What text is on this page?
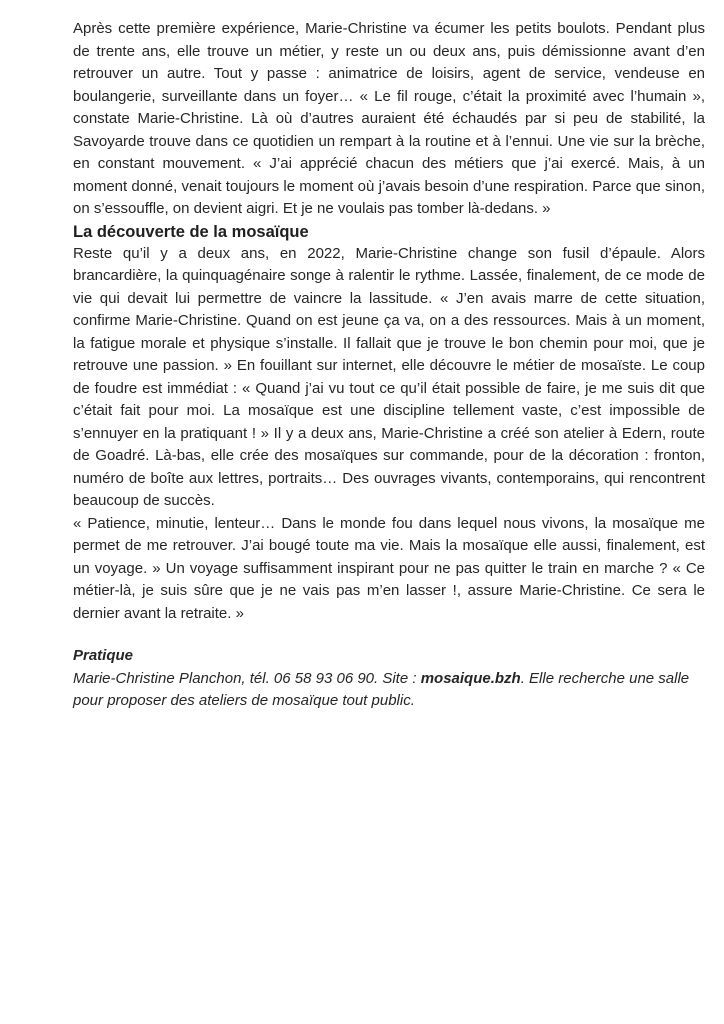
Après cette première expérience, Marie-Christine va écumer les petits boulots. Pendant plus de trente ans, elle trouve un métier, y reste un ou deux ans, puis démissionne avant d’en retrouver un autre. Tout y passe : animatrice de loisirs, agent de service, vendeuse en boulangerie, surveillante dans un foyer… « Le fil rouge, c’était la proximité avec l’humain », constate Marie-Christine. Là où d’autres auraient été échaudés par si peu de stabilité, la Savoyarde trouve dans ce quotidien un rempart à la routine et à l’ennui. Une vie sur la brèche, en constant mouvement. « J’ai apprécié chacun des métiers que j’ai exercé. Mais, à un moment donné, venait toujours le moment où j’avais besoin d’une respiration. Parce que sinon, on s’essouffle, on devient aigri. Et je ne voulais pas tomber là-dedans. »

La découverte de la mosaïque

Reste qu’il y a deux ans, en 2022, Marie-Christine change son fusil d’épaule. Alors brancardière, la quinquagénaire songe à ralentir le rythme. Lassée, finalement, de ce mode de vie qui devait lui permettre de vaincre la lassitude. « J’en avais marre de cette situation, confirme Marie-Christine. Quand on est jeune ça va, on a des ressources. Mais à un moment, la fatigue morale et physique s’installe. Il fallait que je trouve le bon chemin pour moi, que je retrouve une passion. » En fouillant sur internet, elle découvre le métier de mosaïste. Le coup de foudre est immédiat : « Quand j’ai vu tout ce qu’il était possible de faire, je me suis dit que c’était fait pour moi. La mosaïque est une discipline tellement vaste, c’est impossible de s’ennuyer en la pratiquant ! » Il y a deux ans, Marie-Christine a créé son atelier à Edern, route de Goadré. Là-bas, elle crée des mosaïques sur commande, pour de la décoration : fronton, numéro de boîte aux lettres, portraits… Des ouvrages vivants, contemporains, qui rencontrent beaucoup de succès.

« Patience, minutie, lenteur… Dans le monde fou dans lequel nous vivons, la mosaïque me permet de me retrouver. J’ai bougé toute ma vie. Mais la mosaïque elle aussi, finalement, est un voyage. » Un voyage suffisamment inspirant pour ne pas quitter le train en marche ? « Ce métier-là, je suis sûre que je ne vais pas m’en lasser !, assure Marie-Christine. Ce sera le dernier avant la retraite. »

Pratique
Marie-Christine Planchon, tél. 06 58 93 06 90. Site : mosaique.bzh. Elle recherche une salle pour proposer des ateliers de mosaïque tout public.
